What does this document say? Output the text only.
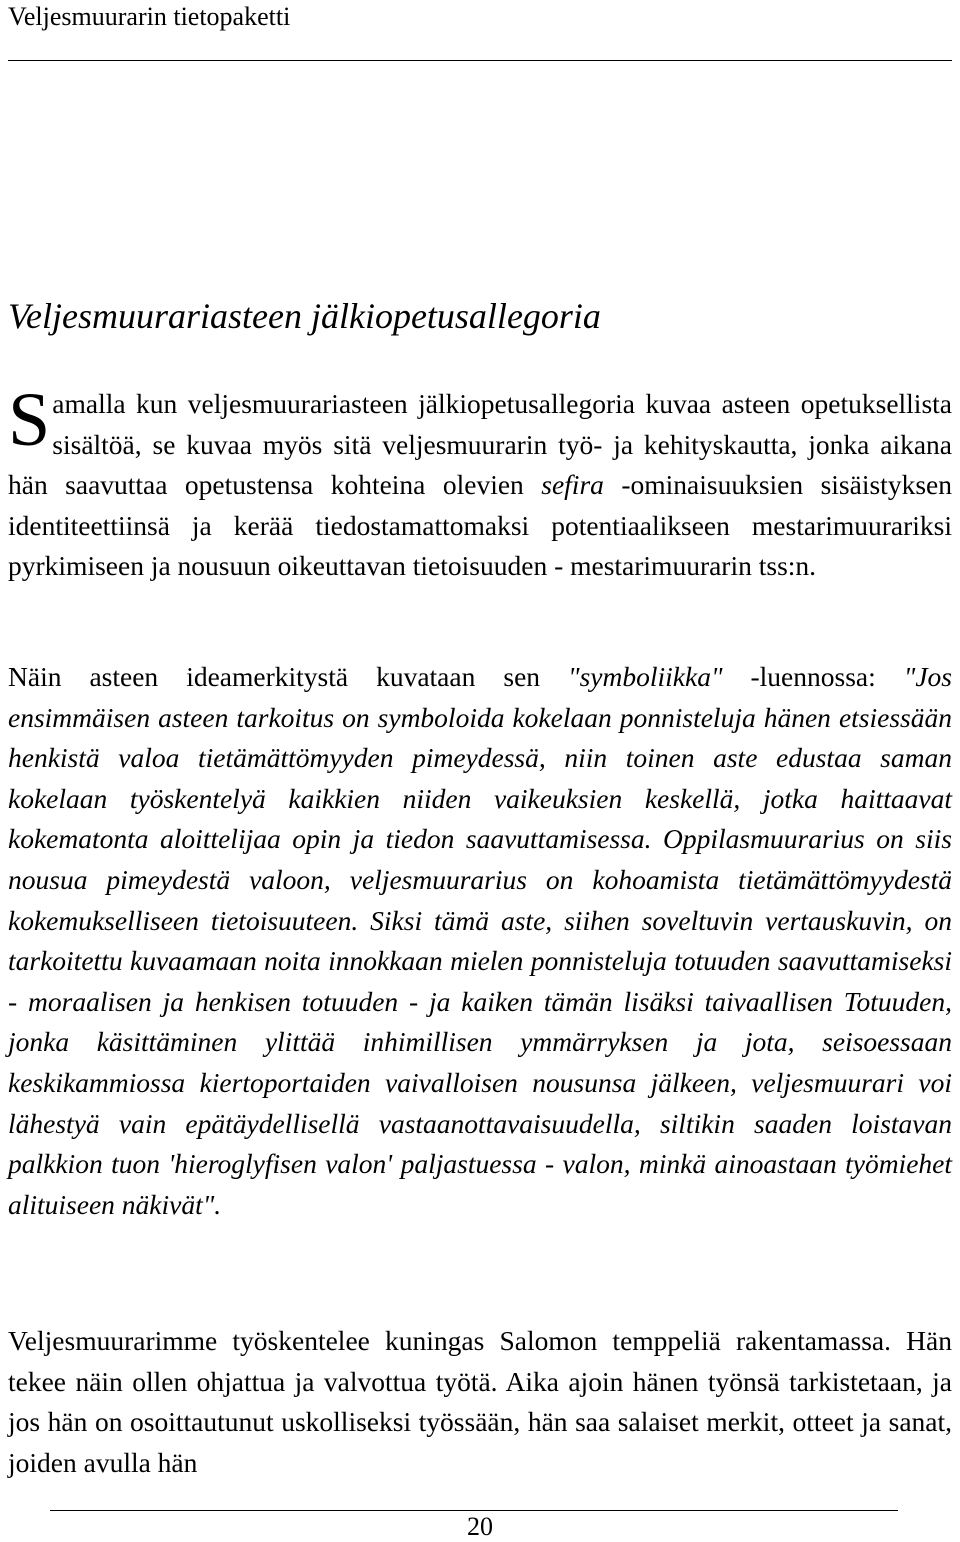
Veljesmuurarin tietopaketti
Veljesmuurariasteen jälkiopetusallegoria
Samalla kun veljesmuurariasteen jälkiopetusallegoria kuvaa asteen opetuksellista sisältöä, se kuvaa myös sitä veljesmuurarin työ- ja kehityskautta, jonka aikana hän saavuttaa opetustensa kohteina olevien sefira -ominaisuuksien sisäistyksen identiteettiinsä ja kerää tiedostamattomaksi potentiaalikseen mestarimuurariksi pyrkimiseen ja nousuun oikeuttavan tietoisuuden - mestarimuurarin tss:n.
Näin asteen ideamerkitystä kuvataan sen "symboliikka" -luennossa: "Jos ensimmäisen asteen tarkoitus on symboloida kokelaan ponnisteluja hänen etsiessään henkistä valoa tietämättömyyden pimeydessä, niin toinen aste edustaa saman kokelaan työskentelyä kaikkien niiden vaikeuksien keskellä, jotka haittaavat kokematonta aloittelijaa opin ja tiedon saavuttamisessa. Oppilasmuurarius on siis nousua pimeydestä valoon, veljesmuurarius on kohoamista tietämättömyydestä kokemukselliseen tietoisuuteen. Siksi tämä aste, siihen soveltuvin vertauskuvin, on tarkoitettu kuvaamaan noita innokkaan mielen ponnisteluja totuuden saavuttamiseksi - moraalisen ja henkisen totuuden - ja kaiken tämän lisäksi taivaallisen Totuuden, jonka käsittäminen ylittää inhimillisen ymmärryksen ja jota, seisoessaan keskikammiossa kiertoportaiden vaivalloisen nousunsa jälkeen, veljesmuurari voi lähestyä vain epätäydellisellä vastaanottavaisuudella, siltikin saaden loistavan palkkion tuon 'hieroglyfisen valon' paljastuessa - valon, minkä ainoastaan työmiehet alituiseen näkivät".
Veljesmuurarimme työskentelee kuningas Salomon temppeliä rakentamassa. Hän tekee näin ollen ohjattua ja valvottua työtä. Aika ajoin hänen työnsä tarkistetaan, ja jos hän on osoittautunut uskolliseksi työssään, hän saa salaiset merkit, otteet ja sanat, joiden avulla hän
20
